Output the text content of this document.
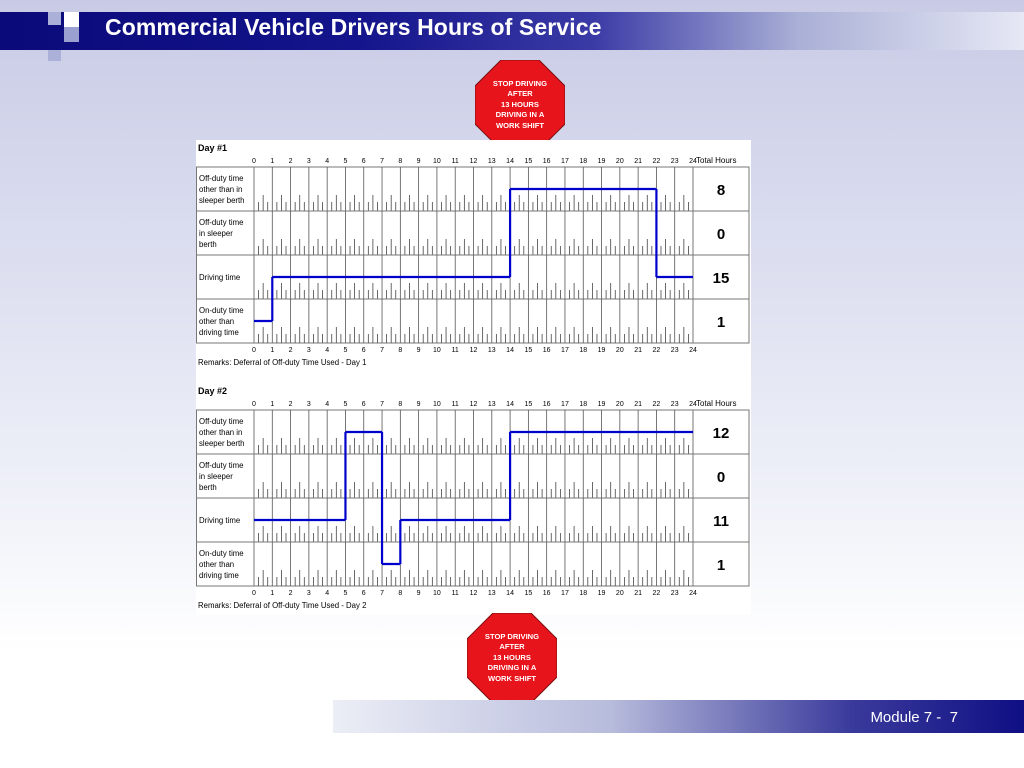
Commercial Vehicle Drivers Hours of Service
STOP DRIVING
AFTER
13 HOURS
DRIVING IN A
WORK SHIFT
Day #1
Total Hours
0
0
1
1
2
2
3
3
4
4
5
5
6
6
7
7
8
8
9
9
10
10
11
11
12
12
13
13
14
14
15
15
16
16
17
17
18
18
19
19
20
20
21
21
22
22
23
23
24
24
Off-duty time
other than in
sleeper berth
8
Off-duty time
in sleeper
berth
0
Driving time	15
On-duty time
other than
driving time
1
Remarks: Deferral of Off-duty Time Used - Day 1
Day #2
Total Hours
0
0
1
1
2
2
3
3
4
4
5
5
6
6
7
7
8
8
9
9
10
10
11
11
12
12
13
13
14
14
15
15
16
16
17
17
18
18
19
19
20
20
21
21
22
22
23
23
24
24
Off-duty time
other than in
sleeper berth
12
Off-duty time
in sleeper
berth
0
Driving time	11
On-duty time
other than
driving time
1
Remarks: Deferral of Off-duty Time Used - Day 2
STOP DRIVING
AFTER
13 HOURS
DRIVING IN A
WORK SHIFT
Module 7 - 7
